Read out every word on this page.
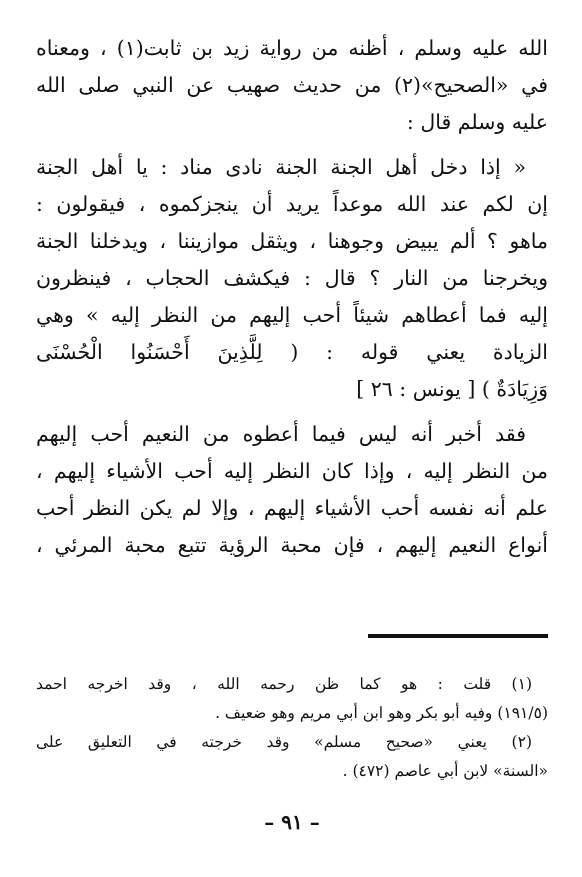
الله عليه وسلم ، أظنه من رواية زيد بن ثابت(١) ، ومعناه
في «الصحيح»(٢) من حديث صهيب عن النبي صلى الله
عليه وسلم قال :

« إذا دخل أهل الجنة الجنة نادى مناد : يا أهل الجنة
إن لكم عند الله موعداً يريد أن ينجزكموه ، فيقولون :
ماهو ؟ ألم يبيض وجوهنا ، ويثقل موازيننا ، ويدخلنا الجنة
ويخرجنا من النار ؟ قال : فيكشف الحجاب ، فينظرون
إليه فما أعطاهم شيئاً أحب إليهم من النظر إليه » وهي
الزيادة يعني قوله : ( لِلَّذِينَ أَحْسَنُوا الْحُسْنَى
وَزِيَادَةٌ ) [ يونس : ٢٦ ]

فقد أخبر أنه ليس فيما أعطوه من النعيم أحب إليهم
من النظر إليه ، وإذا كان النظر إليه أحب الأشياء إليهم ،
علم أنه نفسه أحب الأشياء إليهم ، وإلا لم يكن النظر أحب
أنواع النعيم إليهم ، فإن محبة الرؤية تتبع محبة المرئي ،

(١) قلت : هو كما ظن رحمه الله ، وقد اخرجه احمد
(١٩١/٥) وفيه أبو بكر وهو ابن أبي مريم وهو ضعيف .
(٢) يعني «صحيح مسلم» وقد خرجته في التعليق على
«السنة» لابن أبي عاصم (٤٧٢) .
– ٩١ –
